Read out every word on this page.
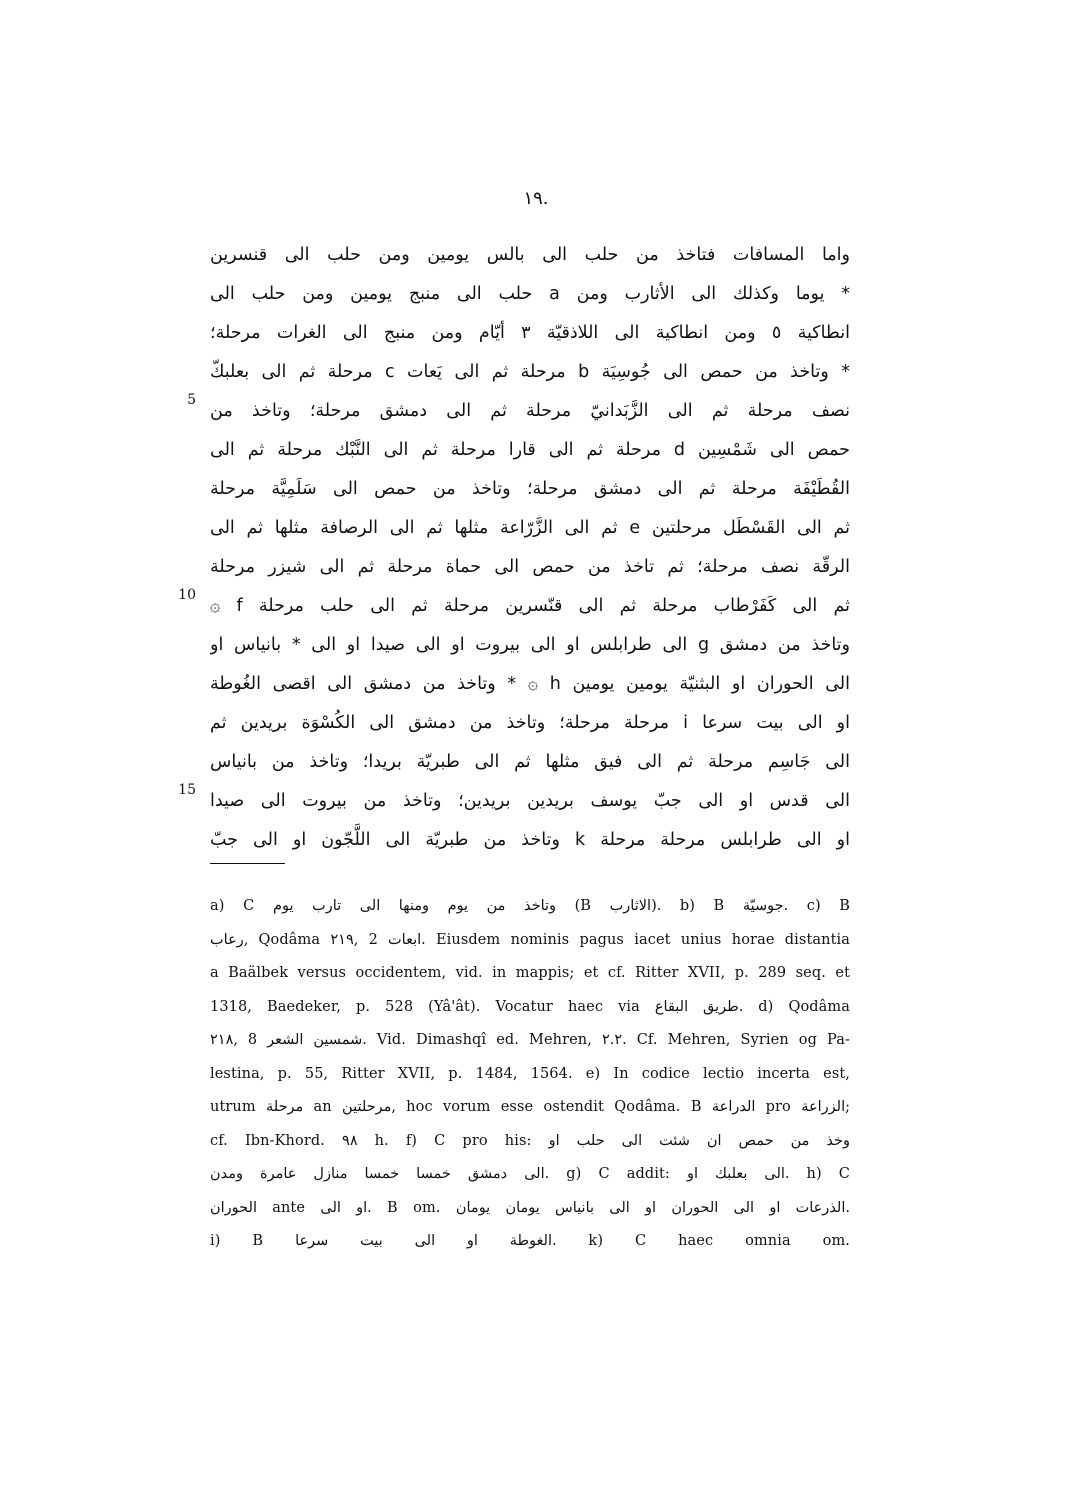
١٩.
واما المسافات فتاخذ من حلب الى بالس يومين ومن حلب الى قنسرين
* يوما وكذلك الى الأثارب ومن a حلب الى منبج يومين ومن حلب الى
انطاكية ٥ ومن انطاكية الى اللاذقيّة ٣ أيّام ومن منبج الى الغرات مرحلة؛
* وتاخذ من حمص الى جُوسِيَة b مرحلة ثم الى يَعات c مرحلة ثم الى بعلبكّ
5
نصف مرحلة ثم الى الزَّبَدانيّ مرحلة ثم الى دمشق مرحلة؛ وتاخذ من
حمص الى شَمْسِين d مرحلة ثم الى قارا مرحلة ثم الى النَّبْك مرحلة ثم الى
القُطَيْفَة مرحلة ثم الى دمشق مرحلة؛ وتاخذ من حمص الى سَلَمِيَّة مرحلة
ثم الى القَسْطَل مرحلتين e ثم الى الزَّرّاعة مثلها ثم الى الرصافة مثلها ثم الى
الرقّة نصف مرحلة؛ ثم تاخذ من حمص الى حماة مرحلة ثم الى شيزر مرحلة
10
ثم الى كَفَرْطاب مرحلة ثم الى قنّسرين مرحلة ثم الى حلب مرحلة f ۞
وتاخذ من دمشق g الى طرابلس او الى بيروت او الى صيدا او الى * بانياس او
الى الحوران او البثنيّة يومين يومين h ۞ * وتاخذ من دمشق الى اقصى الغُوطة
او الى بيت سرعا i مرحلة مرحلة؛ وتاخذ من دمشق الى الكُسْوَة بريدين ثم
الى جَاسِم مرحلة ثم الى فيق مثلها ثم الى طبريّة بريدا؛ وتاخذ من بانياس
15
الى قدس او الى جبّ يوسف بريدين بريدين؛ وتاخذ من بيروت الى صيدا
او الى طرابلس مرحلة مرحلة k وتاخذ من طبريّة الى اللَّجّون او الى جبّ
a) C وتاخذ من يوم ومنها الى تارب يوم (B الاثارب). b) B جوسيّة. c) B
رعاب, Qodâma ٢١٩, 2 ابعات. Eiusdem nominis pagus iacet unius horae distantia
a Baälbek versus occidentem, vid. in mappis; et cf. Ritter XVII, p. 289 seq. et
1318, Baedeker, p. 528 (Yâ'ât). Vocatur haec via طريق البقاع. d) Qodâma
٢١٨, 8 شمسين الشعر. Vid. Dimashqî ed. Mehren, ٢.٢. Cf. Mehren, Syrien og Pa-
lestina, p. 55, Ritter XVII, p. 1484, 1564. e) In codice lectio incerta est,
utrum مرحلة an مرحلتين, hoc vorum esse ostendit Qodâma. B الدراعة pro الزراعة;
cf. Ibn-Khord. ٩٨ h. f) C pro his: وخذ من حمص ان شئت الى حلب او
الى دمشق خمسا خمسا منازل عامرة ومدن. g) C addit: الى بعلبك او. h) C
الحوران ante او الى. B om. الذرعات او الى الحوران او الى بانياس يومان يومان.
i) B الغوطة او الى بيت سرعا. k) C haec omnia om.
